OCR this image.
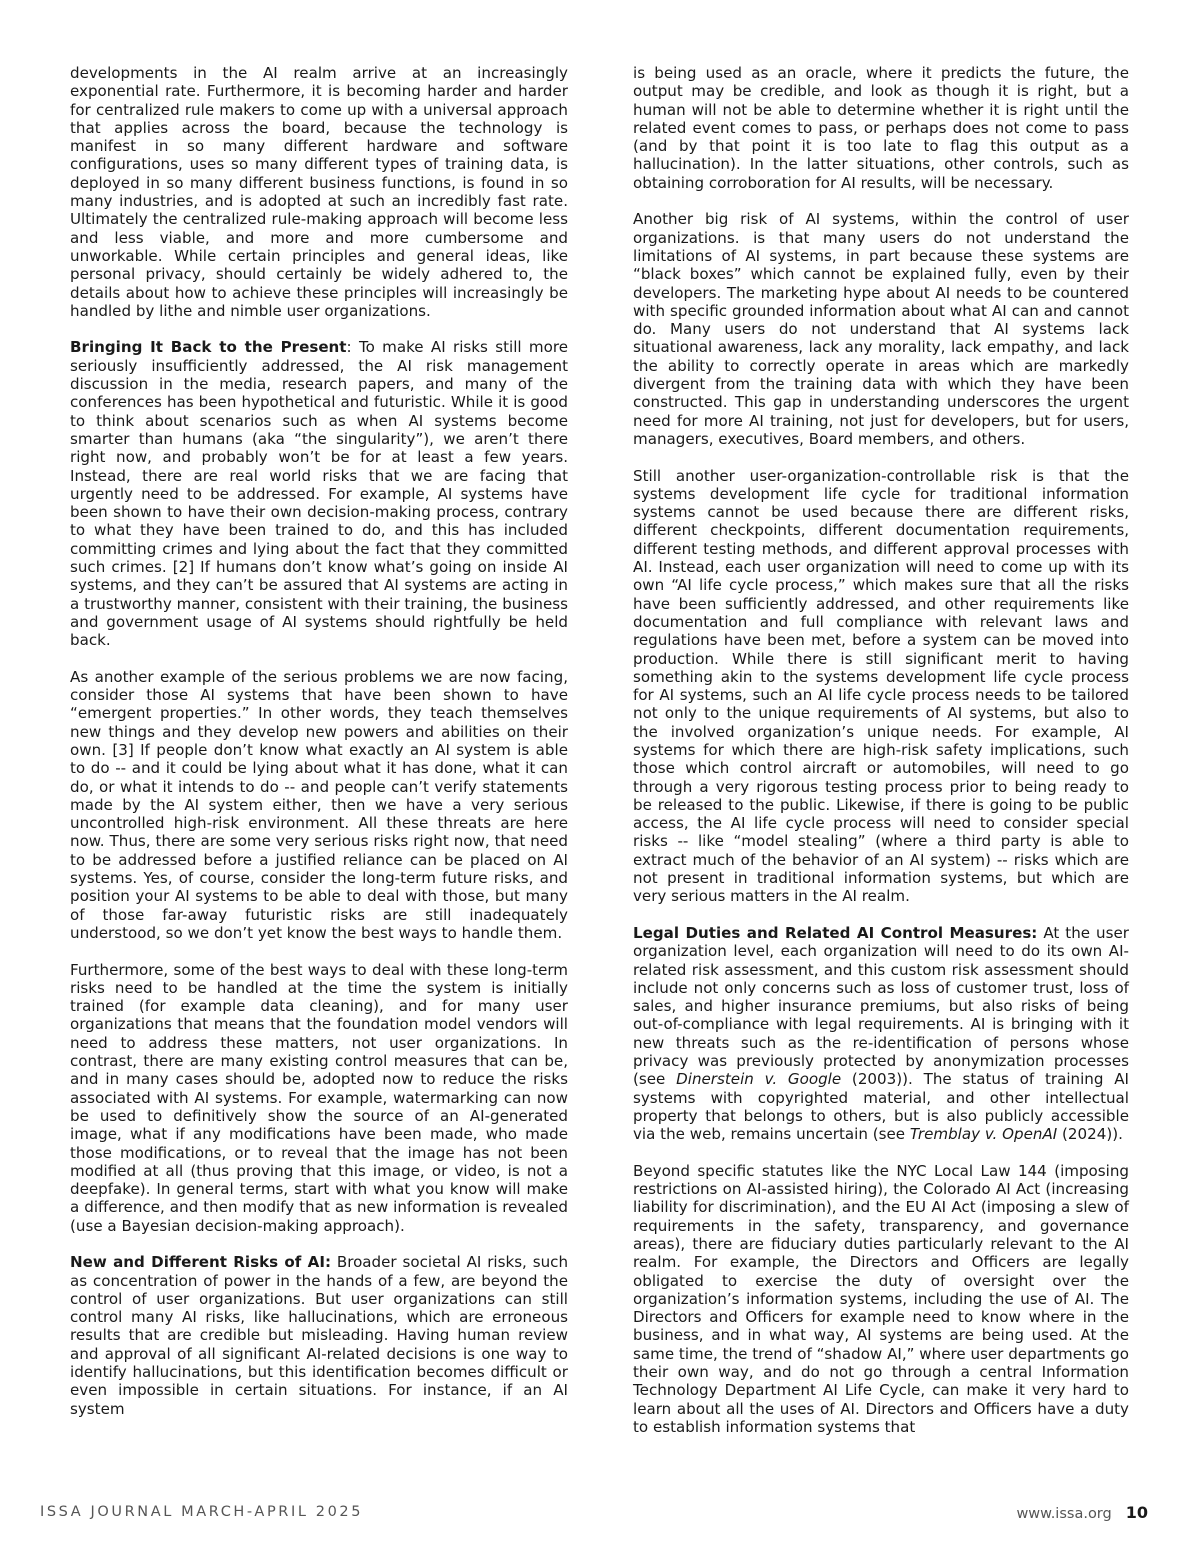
developments in the AI realm arrive at an increasingly exponential rate. Furthermore, it is becoming harder and harder for centralized rule makers to come up with a universal approach that applies across the board, because the technology is manifest in so many different hardware and software configurations, uses so many different types of training data, is deployed in so many different business functions, is found in so many industries, and is adopted at such an incredibly fast rate. Ultimately the centralized rule-making approach will become less and less viable, and more and more cumbersome and unworkable. While certain principles and general ideas, like personal privacy, should certainly be widely adhered to, the details about how to achieve these principles will increasingly be handled by lithe and nimble user organizations.

Bringing It Back to the Present: To make AI risks still more seriously insufficiently addressed, the AI risk management discussion in the media, research papers, and many of the conferences has been hypothetical and futuristic. While it is good to think about scenarios such as when AI systems become smarter than humans (aka “the singularity”), we aren’t there right now, and probably won’t be for at least a few years. Instead, there are real world risks that we are facing that urgently need to be addressed. For example, AI systems have been shown to have their own decision-making process, contrary to what they have been trained to do, and this has included committing crimes and lying about the fact that they committed such crimes. [2] If humans don’t know what’s going on inside AI systems, and they can’t be assured that AI systems are acting in a trustworthy manner, consistent with their training, the business and government usage of AI systems should rightfully be held back.

As another example of the serious problems we are now facing, consider those AI systems that have been shown to have “emergent properties.” In other words, they teach themselves new things and they develop new powers and abilities on their own. [3] If people don’t know what exactly an AI system is able to do -- and it could be lying about what it has done, what it can do, or what it intends to do -- and people can’t verify statements made by the AI system either, then we have a very serious uncontrolled high-risk environment. All these threats are here now. Thus, there are some very serious risks right now, that need to be addressed before a justified reliance can be placed on AI systems. Yes, of course, consider the long-term future risks, and position your AI systems to be able to deal with those, but many of those far-away futuristic risks are still inadequately understood, so we don’t yet know the best ways to handle them.

Furthermore, some of the best ways to deal with these long-term risks need to be handled at the time the system is initially trained (for example data cleaning), and for many user organizations that means that the foundation model vendors will need to address these matters, not user organizations. In contrast, there are many existing control measures that can be, and in many cases should be, adopted now to reduce the risks associated with AI systems. For example, watermarking can now be used to definitively show the source of an AI-generated image, what if any modifications have been made, who made those modifications, or to reveal that the image has not been modified at all (thus proving that this image, or video, is not a deepfake). In general terms, start with what you know will make a difference, and then modify that as new information is revealed (use a Bayesian decision-making approach).

New and Different Risks of AI: Broader societal AI risks, such as concentration of power in the hands of a few, are beyond the control of user organizations. But user organizations can still control many AI risks, like hallucinations, which are erroneous results that are credible but misleading. Having human review and approval of all significant AI-related decisions is one way to identify hallucinations, but this identification becomes difficult or even impossible in certain situations. For instance, if an AI system

is being used as an oracle, where it predicts the future, the output may be credible, and look as though it is right, but a human will not be able to determine whether it is right until the related event comes to pass, or perhaps does not come to pass (and by that point it is too late to flag this output as a hallucination). In the latter situations, other controls, such as obtaining corroboration for AI results, will be necessary.

Another big risk of AI systems, within the control of user organizations. is that many users do not understand the limitations of AI systems, in part because these systems are “black boxes” which cannot be explained fully, even by their developers. The marketing hype about AI needs to be countered with specific grounded information about what AI can and cannot do. Many users do not understand that AI systems lack situational awareness, lack any morality, lack empathy, and lack the ability to correctly operate in areas which are markedly divergent from the training data with which they have been constructed. This gap in understanding underscores the urgent need for more AI training, not just for developers, but for users, managers, executives, Board members, and others.

Still another user-organization-controllable risk is that the systems development life cycle for traditional information systems cannot be used because there are different risks, different checkpoints, different documentation requirements, different testing methods, and different approval processes with AI. Instead, each user organization will need to come up with its own “AI life cycle process,” which makes sure that all the risks have been sufficiently addressed, and other requirements like documentation and full compliance with relevant laws and regulations have been met, before a system can be moved into production. While there is still significant merit to having something akin to the systems development life cycle process for AI systems, such an AI life cycle process needs to be tailored not only to the unique requirements of AI systems, but also to the involved organization’s unique needs. For example, AI systems for which there are high-risk safety implications, such those which control aircraft or automobiles, will need to go through a very rigorous testing process prior to being ready to be released to the public. Likewise, if there is going to be public access, the AI life cycle process will need to consider special risks -- like “model stealing” (where a third party is able to extract much of the behavior of an AI system) -- risks which are not present in traditional information systems, but which are very serious matters in the AI realm.

Legal Duties and Related AI Control Measures: At the user organization level, each organization will need to do its own AI-related risk assessment, and this custom risk assessment should include not only concerns such as loss of customer trust, loss of sales, and higher insurance premiums, but also risks of being out-of-compliance with legal requirements. AI is bringing with it new threats such as the re-identification of persons whose privacy was previously protected by anonymization processes (see Dinerstein v. Google (2003)). The status of training AI systems with copyrighted material, and other intellectual property that belongs to others, but is also publicly accessible via the web, remains uncertain (see Tremblay v. OpenAI (2024)).

Beyond specific statutes like the NYC Local Law 144 (imposing restrictions on AI-assisted hiring), the Colorado AI Act (increasing liability for discrimination), and the EU AI Act (imposing a slew of requirements in the safety, transparency, and governance areas), there are fiduciary duties particularly relevant to the AI realm. For example, the Directors and Officers are legally obligated to exercise the duty of oversight over the organization’s information systems, including the use of AI. The Directors and Officers for example need to know where in the business, and in what way, AI systems are being used. At the same time, the trend of “shadow AI,” where user departments go their own way, and do not go through a central Information Technology Department AI Life Cycle, can make it very hard to learn about all the uses of AI. Directors and Officers have a duty to establish information systems that

ISSA JOURNAL MARCH-APRIL 2025	www.issa.org 10
